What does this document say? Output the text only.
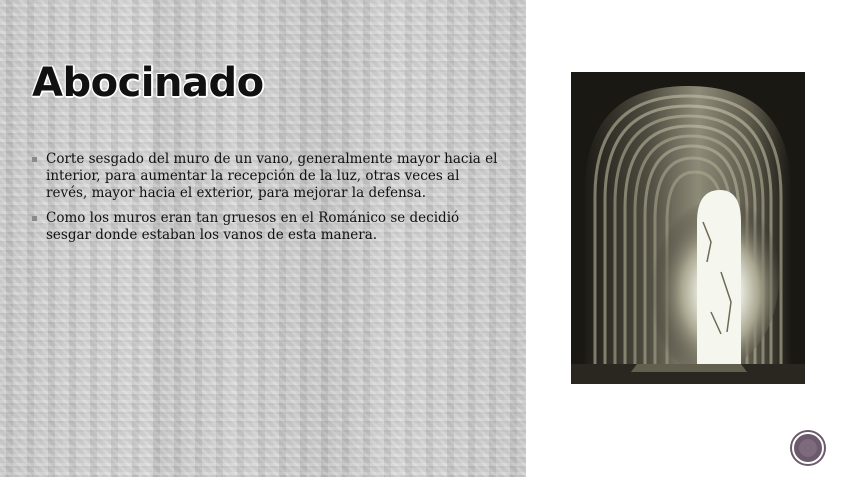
Abocinado
Corte sesgado del muro de un vano, generalmente mayor hacia el interior, para aumentar la recepción de la luz, otras veces al revés, mayor hacia el exterior, para mejorar la defensa.
Como los muros eran tan gruesos en el Románico se decidió sesgar donde estaban los vanos de esta manera.
